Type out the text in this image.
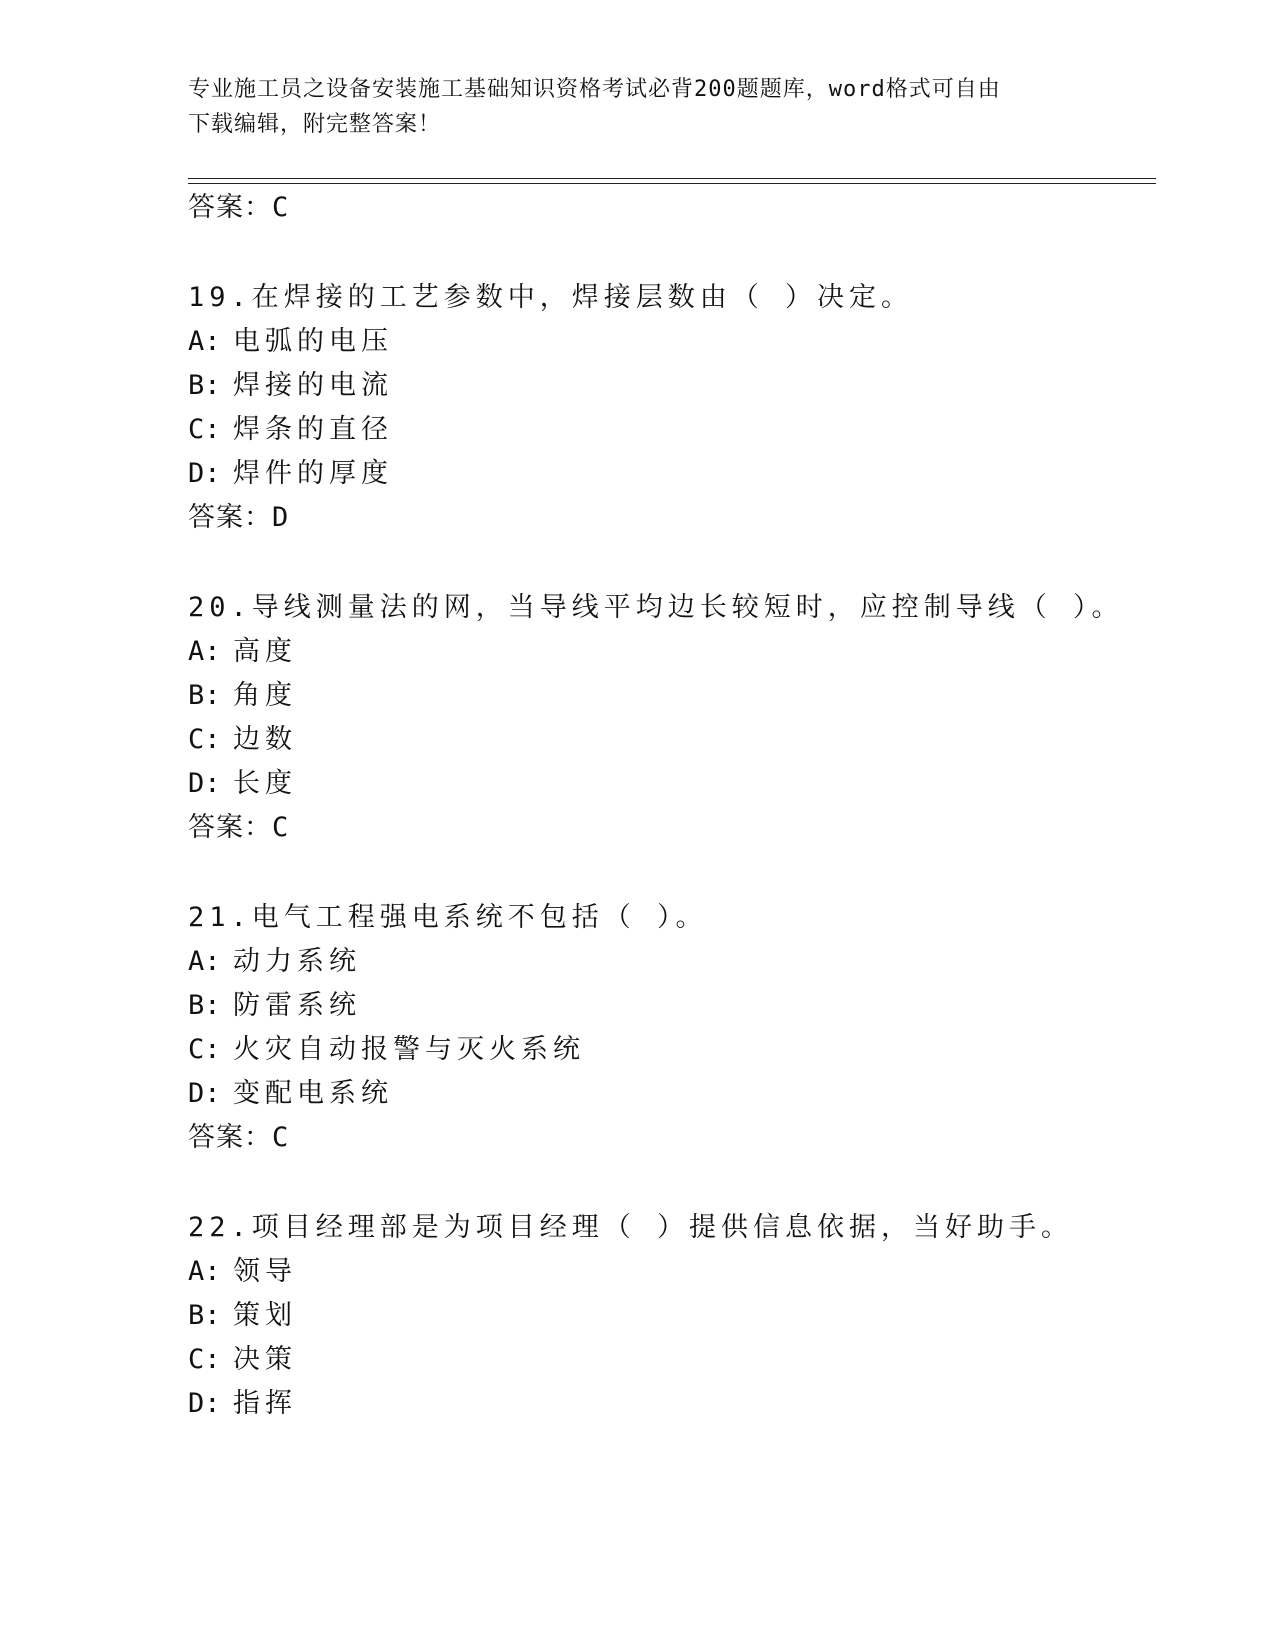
专业施工员之设备安装施工基础知识资格考试必背200题题库，word格式可自由
下载编辑，附完整答案！
答案：C
19.在焊接的工艺参数中，焊接层数由（ ）决定。
A: 电弧的电压
B: 焊接的电流
C: 焊条的直径
D: 焊件的厚度
答案：D
20.导线测量法的网，当导线平均边长较短时，应控制导线（ ）。
A: 高度
B: 角度
C: 边数
D: 长度
答案：C
21.电气工程强电系统不包括（ ）。
A: 动力系统
B: 防雷系统
C: 火灾自动报警与灭火系统
D: 变配电系统
答案：C
22.项目经理部是为项目经理（ ）提供信息依据，当好助手。
A: 领导
B: 策划
C: 决策
D: 指挥
